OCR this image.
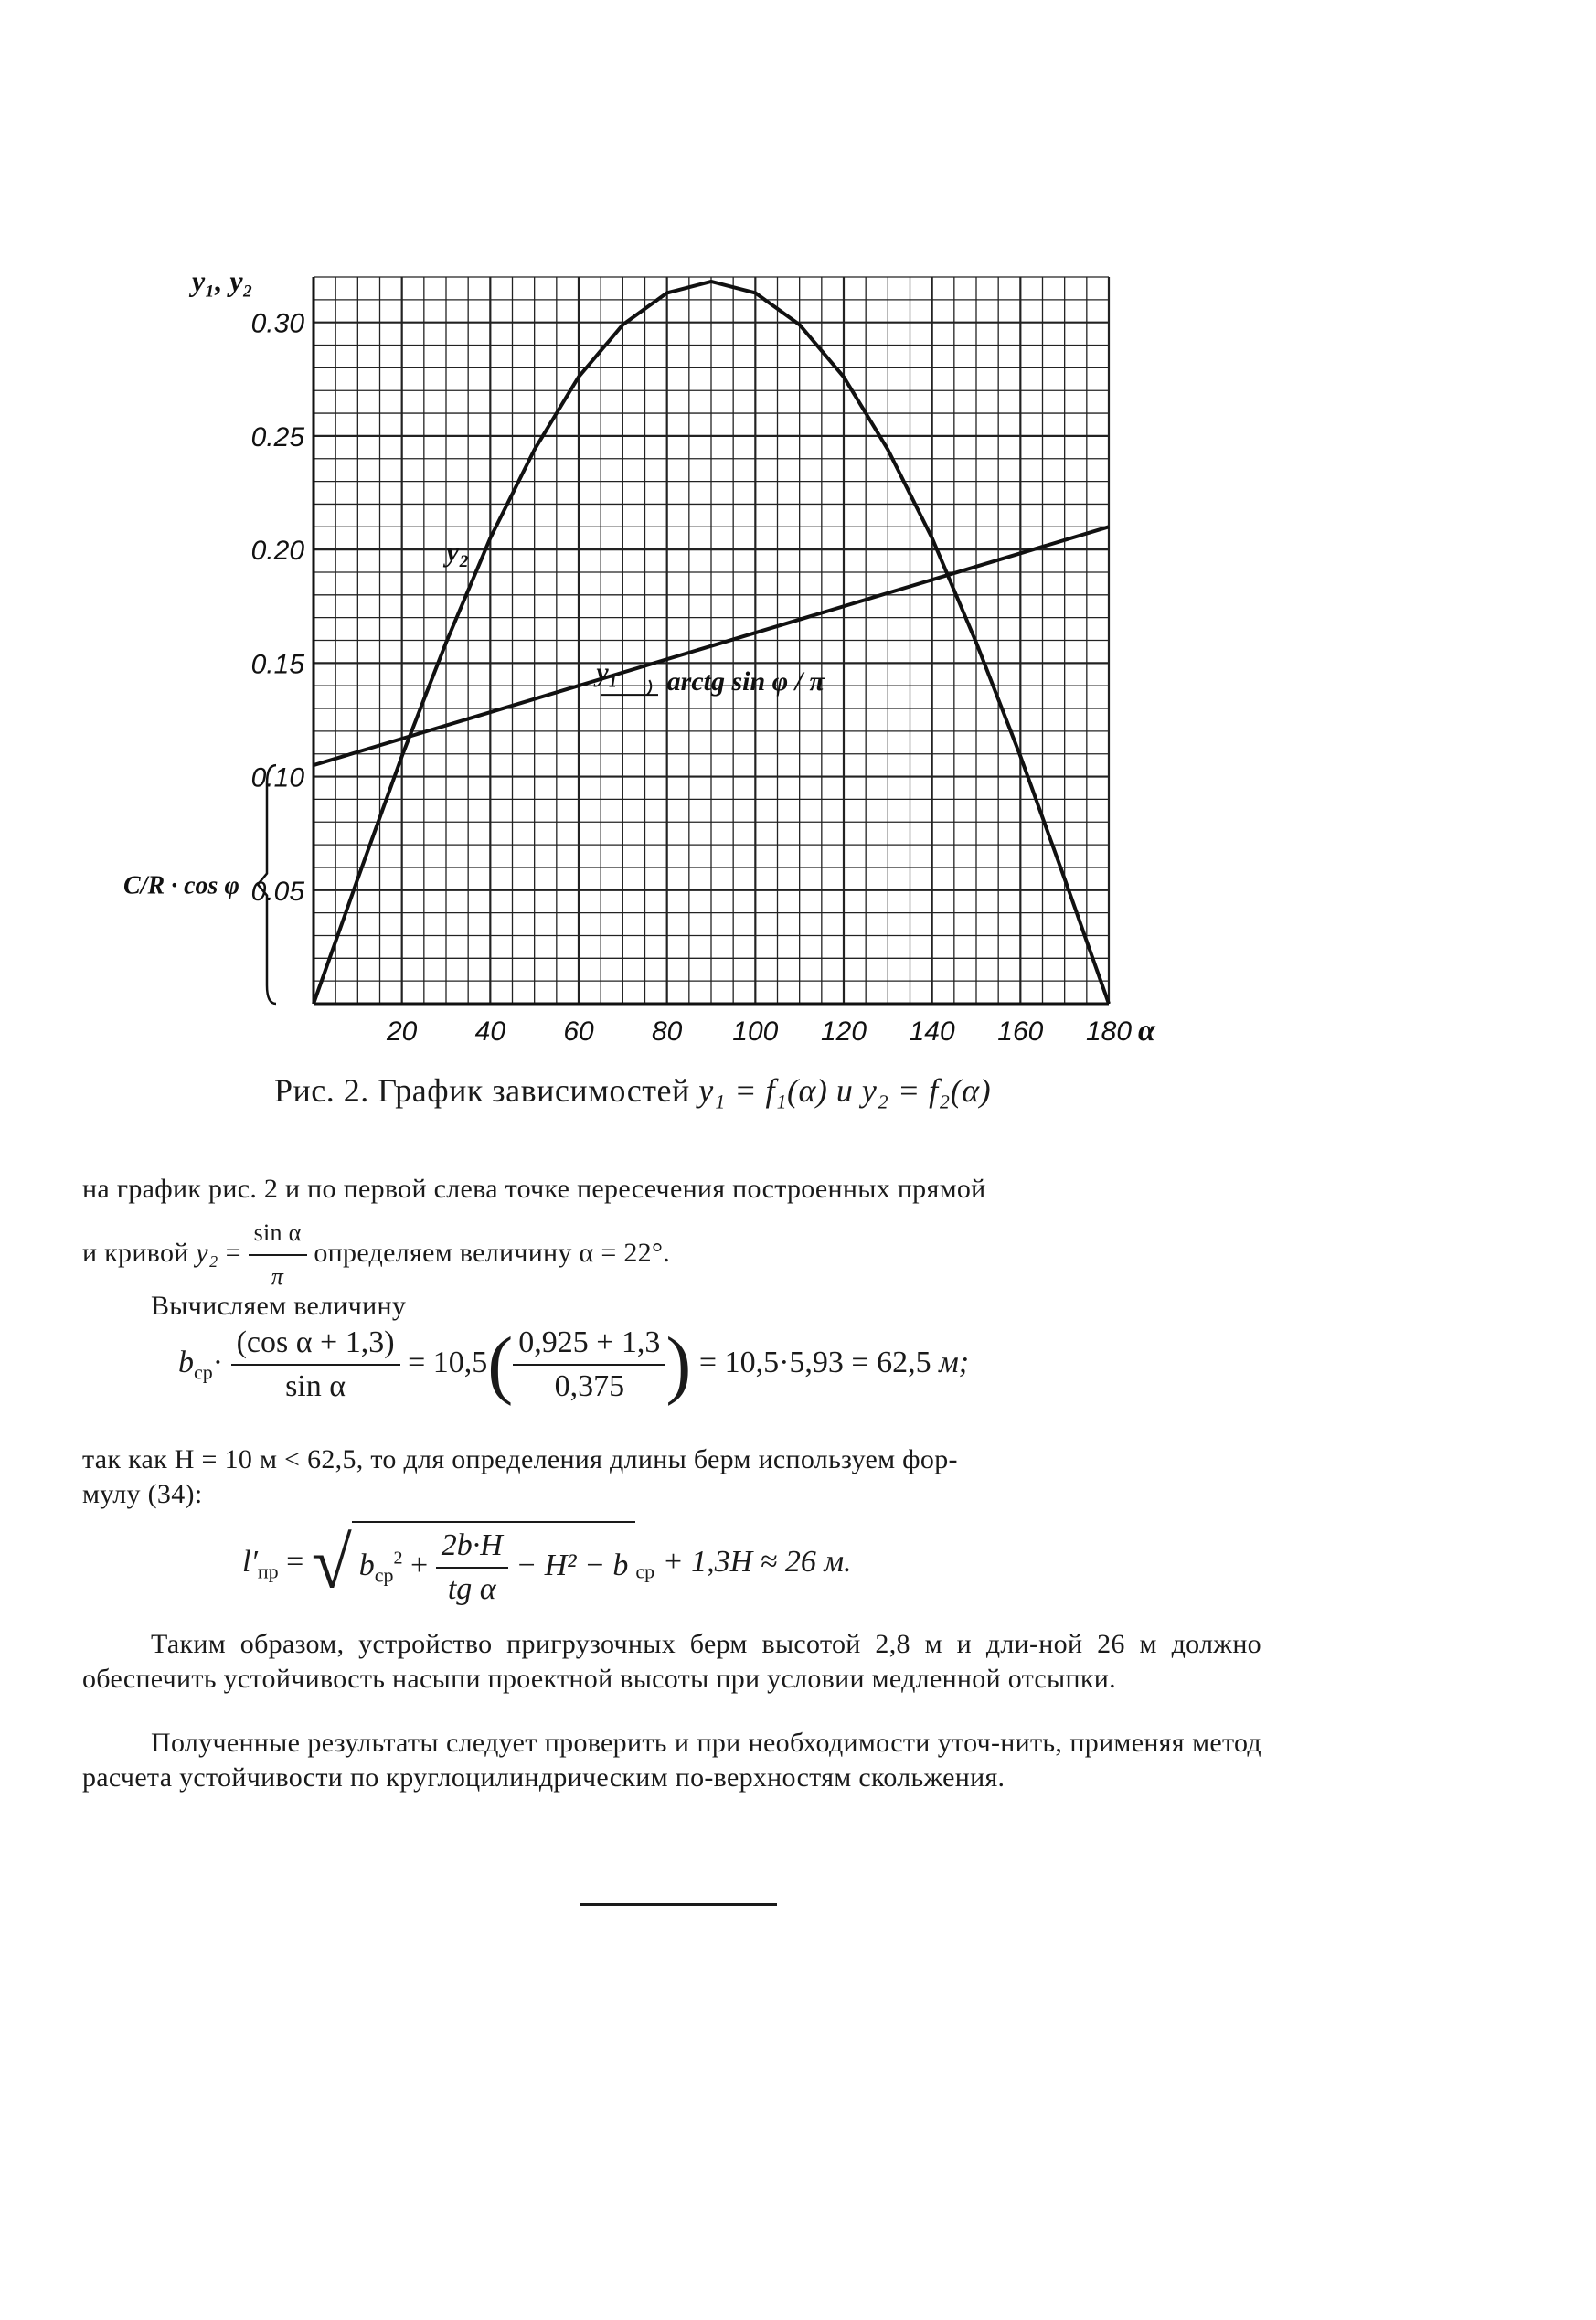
20 40 60 80 100 120 140 160 180 α
0.05
0.10
0.15
0.20
0.25
0.30
y₁, y₂
y₂
y₁ arctg sin φ / π
C/R · cos φ
Рис. 2. График зависимостей y₁ = f₁(α) и y₂ = f₂(α)
на график рис. 2 и по первой слева точке пересечения построенных прямой
и кривой $y_2 = \frac{\text{sin α}}{\pi}$ определяем величину α = 22°.
Вычисляем величину
$b_{ср}\cdot \frac{\text{(cos α + 1,3)}}{\text{sin α}} = 10,5( \frac{0,925 + 1,3}{0,375}$ ) = 10,5·5,93 = 62,5 м;
так как H = 10 м < 62,5, то для определения длины берм используем фор-
мулу (34):
$l'_{пр}$ = √ $b_{ср}^2 + \frac{2b\cdot H}{\text{tg α}} - H^2 - b$ $_{ср}$ + 1,3H ≈ 26 м.
Таким образом, устройство пригрузочных берм высотой 2,8 м и дли-ной 26 м должно обеспечить устойчивость насыпи проектной высоты при условии медленной отсыпки.
Полученные результаты следует проверить и при необходимости уточ-нить, применяя метод расчета устойчивости по круглоцилиндрическим по-верхностям скольжения.
